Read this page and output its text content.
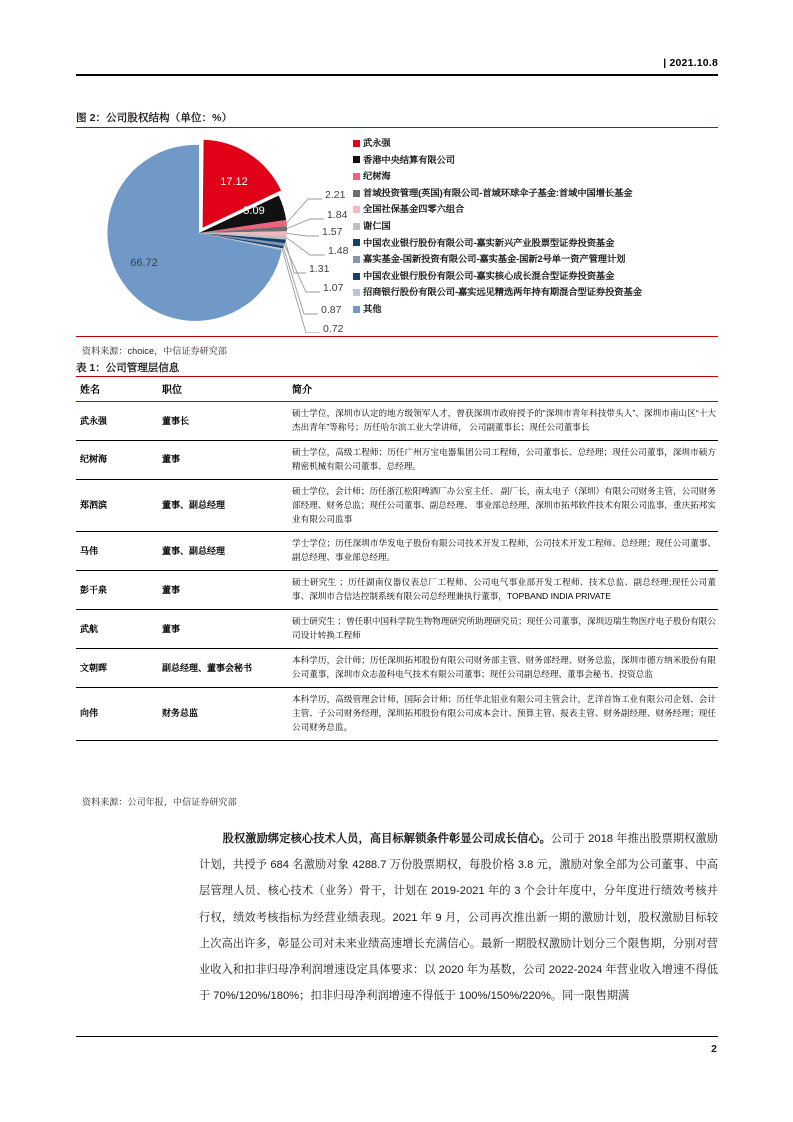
| 2021.10.8
图 2：公司股权结构（单位：%）
17.12
5.09
66.72
2.21
1.84
1.57
1.48
1.31
1.07
0.87
0.72
武永强
香港中央结算有限公司
纪树海
首域投资管理(英国)有限公司-首域环球伞子基金:首域中国增长基金
全国社保基金四零六组合
谢仁国
中国农业银行股份有限公司-嘉实新兴产业股票型证券投资基金
嘉实基金-国新投资有限公司-嘉实基金-国新2号单一资产管理计划
中国农业银行股份有限公司-嘉实核心成长混合型证券投资基金
招商银行股份有限公司-嘉实远见精选两年持有期混合型证券投资基金
其他
资料来源：choice，中信证券研究部
表 1：公司管理层信息
姓名	职位	简介
武永强	董事长	硕士学位，深圳市认定的地方级领军人才，曾获深圳市政府授予的“深圳市青年科技带头人”、深圳市南山区“十大杰出青年”等称号；历任哈尔滨工业大学讲师， 公司副董事长；现任公司董事长
纪树海	董事	硕士学位，高级工程师；历任广州万宝电器集团公司工程师，公司董事长、总经理；现任公司董事，深圳市硕方精密机械有限公司董事、总经理。
郑泗滨	董事、副总经理	硕士学位，会计师；历任浙江松阳啤酒厂办公室主任、 副厂长，南太电子（深圳）有限公司财务主管，公司财务部经理、财务总监；现任公司董事、副总经理、 事业部总经理，深圳市拓邦软件技术有限公司监事，重庆拓邦实业有限公司监事
马伟	董事、副总经理	学士学位；历任深圳市华发电子股份有限公司技术开发工程师，公司技术开发工程师、总经理；现任公司董事、副总经理、事业部总经理。
彭干泉	董事	硕士研究生 ；历任湖南仪器仪表总厂工程师、公司电气事业部开发工程师、技术总监、副总经理;现任公司董事、深圳市合信达控制系统有限公司总经理兼执行董事，TOPBAND INDIA PRIVATE
武航	董事	硕士研究生 ；曾任职中国科学院生物物理研究所助理研究员；现任公司董事，深圳迈瑞生物医疗电子股份有限公司设计转换工程师
文朝晖	副总经理、董事会秘书	本科学历，会计师；历任深圳拓邦股份有限公司财务部主管、财务部经理、财务总监，深圳市德方纳米股份有限公司董事，深圳市众志盈科电气技术有限公司董事；现任公司副总经理、董事会秘书、投资总监
向伟	财务总监	本科学历，高级管理会计师，国际会计师；历任华北铝业有限公司主管会计，艺洋首饰工业有限公司企划、会计主管、子公司财务经理，深圳拓邦股份有限公司成本会计、预算主管、报表主管、财务副经理、财务经理；现任公司财务总监。
资料来源：公司年报，中信证券研究部
股权激励绑定核心技术人员，高目标解锁条件彰显公司成长信心。公司于 2018 年推出股票期权激励计划，共授予 684 名激励对象 4288.7 万份股票期权，每股价格 3.8 元，激励对象全部为公司董事、中高层管理人员、核心技术（业务）骨干，计划在 2019-2021 年的 3 个会计年度中，分年度进行绩效考核并行权，绩效考核指标为经营业绩表现。2021 年 9 月，公司再次推出新一期的激励计划，股权激励目标较上次高出许多，彰显公司对未来业绩高速增长充满信心。最新一期股权激励计划分三个限售期，分别对营业收入和扣非归母净利润增速设定具体要求：以 2020 年为基数，公司 2022-2024 年营业收入增速不得低于 70%/120%/180%；扣非归母净利润增速不得低于 100%/150%/220%。同一限售期满
2
